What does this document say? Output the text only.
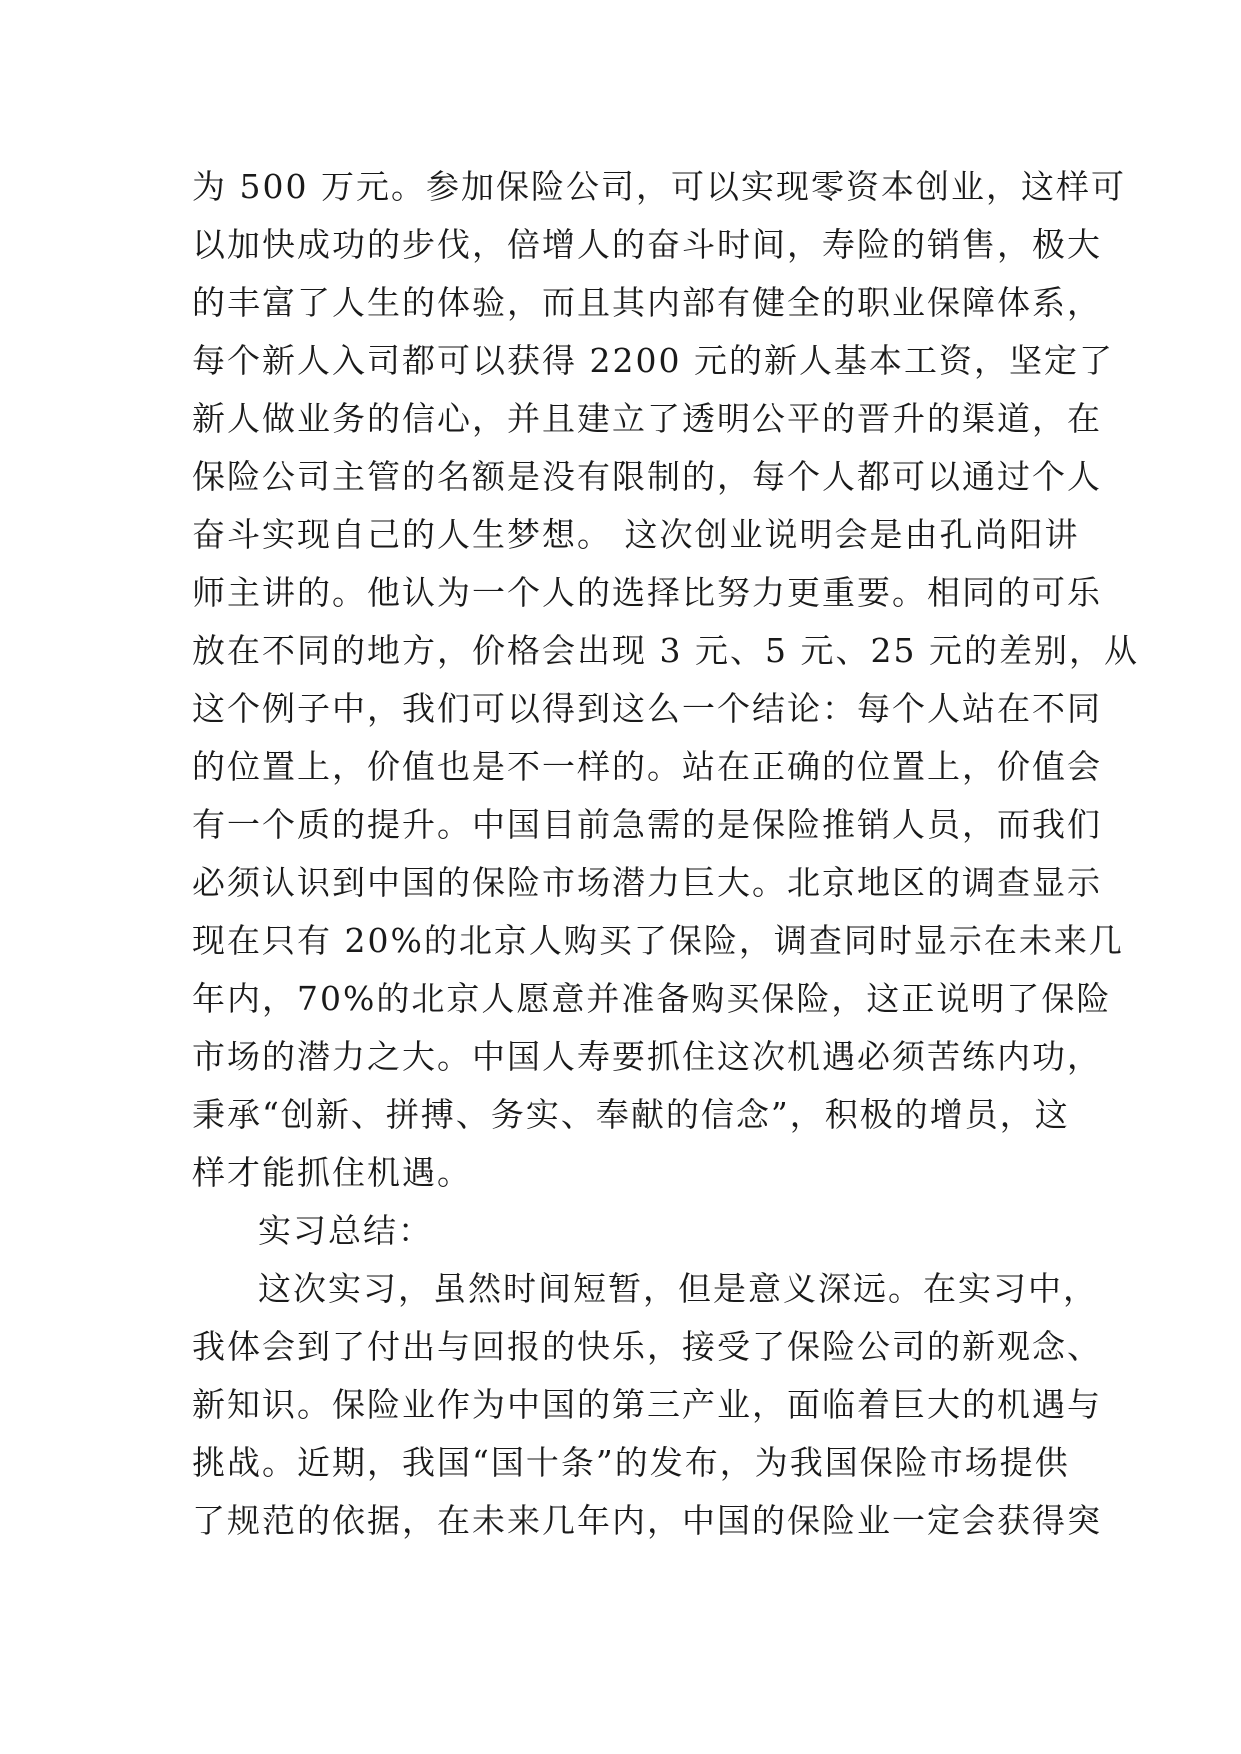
为 500 万元。参加保险公司，可以实现零资本创业，这样可
以加快成功的步伐，倍增人的奋斗时间，寿险的销售，极大
的丰富了人生的体验，而且其内部有健全的职业保障体系，
每个新人入司都可以获得 2200 元的新人基本工资，坚定了
新人做业务的信心，并且建立了透明公平的晋升的渠道，在
保险公司主管的名额是没有限制的，每个人都可以通过个人
奋斗实现自己的人生梦想。 这次创业说明会是由孔尚阳讲
师主讲的。他认为一个人的选择比努力更重要。相同的可乐
放在不同的地方，价格会出现 3 元、5 元、25 元的差别，从
这个例子中，我们可以得到这么一个结论：每个人站在不同
的位置上，价值也是不一样的。站在正确的位置上，价值会
有一个质的提升。中国目前急需的是保险推销人员，而我们
必须认识到中国的保险市场潜力巨大。北京地区的调查显示
现在只有 20%的北京人购买了保险，调查同时显示在未来几
年内，70%的北京人愿意并准备购买保险，这正说明了保险
市场的潜力之大。中国人寿要抓住这次机遇必须苦练内功，
秉承“创新、拼搏、务实、奉献的信念”，积极的增员，这
样才能抓住机遇。
实习总结：
这次实习，虽然时间短暂，但是意义深远。在实习中，
我体会到了付出与回报的快乐，接受了保险公司的新观念、
新知识。保险业作为中国的第三产业，面临着巨大的机遇与
挑战。近期，我国“国十条”的发布，为我国保险市场提供
了规范的依据，在未来几年内，中国的保险业一定会获得突
